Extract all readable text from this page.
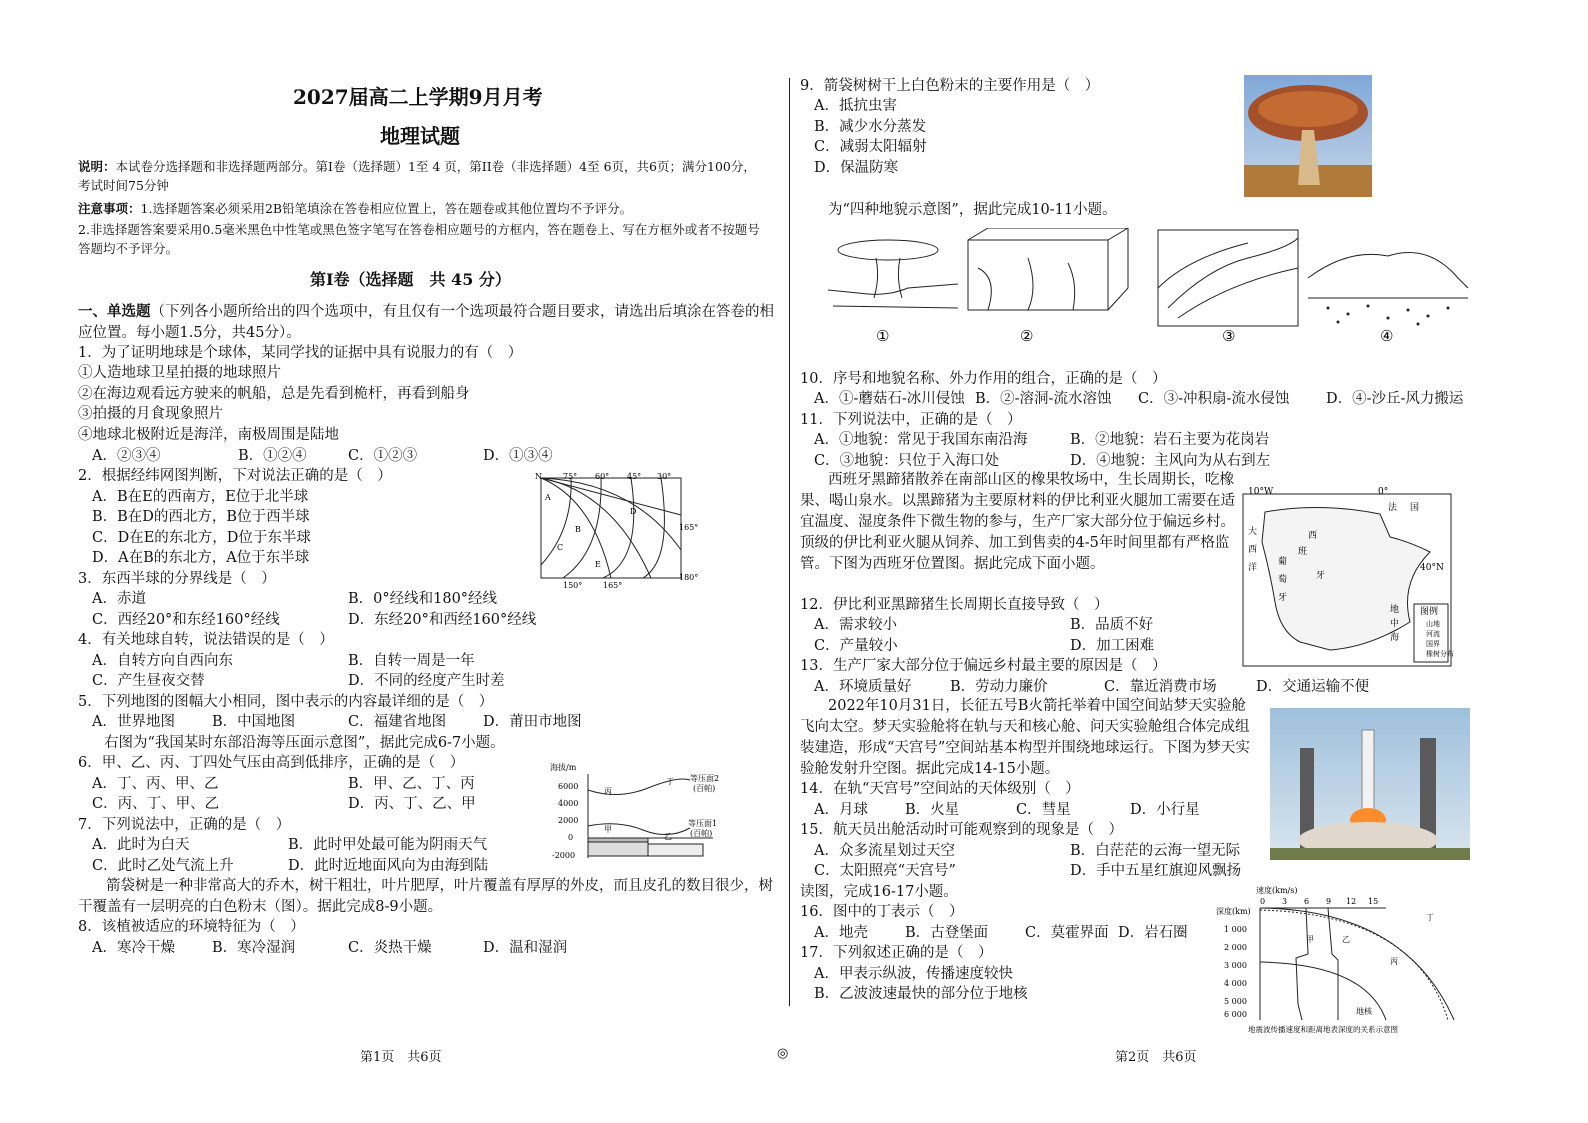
2027届高二上学期9月月考
地理试题
说明：本试卷分选择题和非选择题两部分。第I卷（选择题）1至 4 页，第II卷（非选择题）4至 6页，共6页；满分100分，考试时间75分钟
注意事项：1.选择题答案必须采用2B铅笔填涂在答卷相应位置上，答在题卷或其他位置均不予评分。
2.非选择题答案要采用0.5毫米黑色中性笔或黑色签字笔写在答卷相应题号的方框内，答在题卷上、写在方框外或者不按题号答题均不予评分。
第I卷（选择题　共 45 分）
一、单选题（下列各小题所给出的四个选项中，有且仅有一个选项最符合题目要求，请选出后填涂在答卷的相应位置。每小题1.5分，共45分）。
1．为了证明地球是个球体，某同学找的证据中具有说服力的有（　）
①人造地球卫星拍摄的地球照片
②在海边观看远方驶来的帆船，总是先看到桅杆，再看到船身
③拍摄的月食现象照片
④地球北极附近是海洋，南极周围是陆地
A．②③④	B．①②④	C．①②③	D．①③④
2．根据经纬网图判断，下对说法正确的是（　）
A．B在E的西南方，E位于北半球
B．B在D的西北方，B位于西半球
C．D在E的东北方，D位于东半球
D．A在B的东北方，A位于东半球
3．东西半球的分界线是（　）
A．赤道	B．0°经线和180°经线
C．西经20°和东经160°经线	D．东经20°和西经160°经线
4．有关地球自转，说法错误的是（　）
A．自转方向自西向东	B．自转一周是一年
C．产生昼夜交替	D．不同的经度产生时差
5．下列地图的图幅大小相同，图中表示的内容最详细的是（　）
A．世界地图	B．中国地图	C．福建省地图	D．莆田市地图
右图为“我国某时东部沿海等压面示意图”，据此完成6-7小题。
6．甲、乙、丙、丁四处气压由高到低排序，正确的是（　）
A．丁、丙、甲、乙	B．甲、乙、丁、丙
C．丙、丁、甲、乙	D．丙、丁、乙、甲
7．下列说法中，正确的是（　）
A．此时为白天	B．此时甲处最可能为阴雨天气
C．此时乙处气流上升	D．此时近地面风向为由海到陆
箭袋树是一种非常高大的乔木，树干粗壮，叶片肥厚，叶片覆盖有厚厚的外皮，而且皮孔的数目很少，树干覆盖有一层明亮的白色粉末（图）。据此完成8-9小题。
8．该植被适应的环境特征为（　）
A．寒冷干燥	B．寒冷湿润	C．炎热干燥	D．温和湿润
N	75° 60° 45° 30°
165°
180°
150°	165°
A
B
C
D
E
海拔/m
6000
4000
2000
0
-2000
等压面2
(百帕)
等压面1
(百帕)
丙
丁
甲
乙
9．箭袋树树干上白色粉末的主要作用是（　）
A．抵抗虫害
B．减少水分蒸发
C．减弱太阳辐射
D．保温防寒
为“四种地貌示意图”，据此完成10-11小题。
①	②	③	④
10．序号和地貌名称、外力作用的组合，正确的是（　）
A．①-蘑菇石-冰川侵蚀 B．②-溶洞-流水溶蚀 C．③-冲积扇-流水侵蚀	D．④-沙丘-风力搬运
11．下列说法中，正确的是（　）
A．①地貌：常见于我国东南沿海	B．②地貌：岩石主要为花岗岩
C．③地貌：只位于入海口处	D．④地貌：主风向为从右到左
西班牙黑蹄猪散养在南部山区的橡果牧场中，生长周期长，吃橡果、喝山泉水。以黑蹄猪为主要原材料的伊比利亚火腿加工需要在适宜温度、湿度条件下微生物的参与，生产厂家大部分位于偏远乡村。顶级的伊比利亚火腿从饲养、加工到售卖的4-5年时间里都有严格监管。下图为西班牙位置图。据此完成下面小题。
10°W	0°
40°N
法 国
西
班
牙
葡
萄
牙
大
西
洋
地
中
海
图例
山地
河流
国界
橡树分布
12．伊比利亚黑蹄猪生长周期长直接导致（　）
A．需求较小	B．品质不好
C．产量较小	D．加工困难
13．生产厂家大部分位于偏远乡村最主要的原因是（　）
A．环境质量好	B．劳动力廉价	C．靠近消费市场	D．交通运输不便
2022年10月31日，长征五号B火箭托举着中国空间站梦天实验舱飞向太空。梦天实验舱将在轨与天和核心舱、问天实验舱组合体完成组装建造，形成“天宫号”空间站基本构型并围绕地球运行。下图为梦天实验舱发射升空图。据此完成14-15小题。
14．在轨“天宫号”空间站的天体级别（　）
A．月球	B．火星	C．彗星	D．小行星
15．航天员出舱活动时可能观察到的现象是（　）
A．众多流星划过天空	B．白茫茫的云海一望无际
C．太阳照亮“天宫号”	D．手中五星红旗迎风飘扬
读图，完成16-17小题。
16．图中的丁表示（　）
A．地壳	B．古登堡面	C．莫霍界面 D．岩石圈
17．下列叙述正确的是（　）
A．甲表示纵波，传播速度较快
B．乙波波速最快的部分位于地核
速度(km/s)
0 3 6 9 12 15
深度(km)
1 000
2 000
3 000
4 000
5 000
6 000
甲	乙
丙
丁
地核
地震波传播速度和距离地表深度的关系示意图
第1页　共6页	◎	第2页　共6页
